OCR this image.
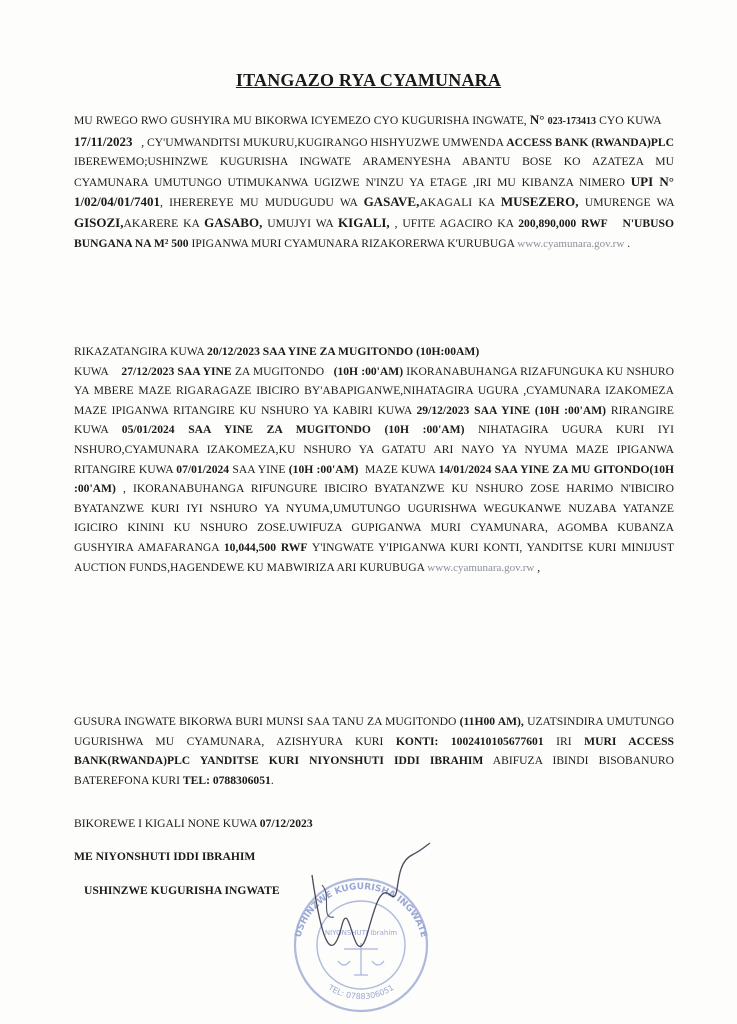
ITANGAZO RYA CYAMUNARA
MU RWEGO RWO GUSHYIRA MU BIKORWA ICYEMEZO CYO KUGURISHA INGWATE, N° 023-173413 CYO KUWA     17/11/2023 , CY'UMWANDITSI MUKURU,KUGIRANGO HISHYUZWE UMWENDA ACCESS BANK (RWANDA)PLC IBEREWEMO;USHINZWE KUGURISHA INGWATE ARAMENYESHA ABANTU BOSE KO AZATEZA MU CYAMUNARA UMUTUNGO UTIMUKANWA UGIZWE N'INZU YA ETAGE ,IRI MU KIBANZA NIMERO UPI N° 1/02/04/01/7401, IHEREREYE MU MUDUGUDU WA GASAVE,AKAGALI KA MUSEZERO, UMURENGE WA GISOZI,AKARERE KA GASABO, UMUJYI WA KIGALI, , UFITE AGACIRO KA 200,890,000 RWF N'UBUSO BUNGANA NA M² 500 IPIGANWA MURI CYAMUNARA RIZAKORERWA K'URUBUGA www.cyamunara.gov.rw .
RIKAZATANGIRA KUWA 20/12/2023 SAA YINE ZA MUGITONDO (10H:00AM)
KUWA 27/12/2023 SAA YINE ZA MUGITONDO (10H :00'AM) IKORANABUHANGA RIZAFUNGUKA KU NSHURO YA MBERE MAZE RIGARAGAZE IBICIRO BY'ABAPIGANWE,NIHATAGIRA UGURA ,CYAMUNARA IZAKOMEZA MAZE IPIGANWA RITANGIRE KU NSHURO YA KABIRI KUWA 29/12/2023 SAA YINE (10H :00'AM) RIRANGIRE KUWA 05/01/2024 SAA YINE ZA MUGITONDO (10H :00'AM) NIHATAGIRA UGURA KURI IYI NSHURO,CYAMUNARA IZAKOMEZA,KU NSHURO YA GATATU ARI NAYO YA NYUMA MAZE IPIGANWA RITANGIRE KUWA 07/01/2024 SAA YINE (10H :00'AM) MAZE KUWA 14/01/2024 SAA YINE ZA MU GITONDO(10H :00'AM) , IKORANABUHANGA RIFUNGURE IBICIRO BYATANZWE KU NSHURO ZOSE HARIMO N'IBICIRO BYATANZWE KURI IYI NSHURO YA NYUMA,UMUTUNGO UGURISHWA WEGUKANWE NUZABA YATANZE IGICIRO KININI KU NSHURO ZOSE.UWIFUZA GUPIGANWA MURI CYAMUNARA, AGOMBA KUBANZA GUSHYIRA AMAFARANGA 10,044,500 RWF Y'INGWATE Y'IPIGANWA KURI KONTI, YANDITSE KURI MINIJUST AUCTION FUNDS,HAGENDEWE KU MABWIRIZA ARI KURUBUGA www.cyamunara.gov.rw ,
GUSURA INGWATE BIKORWA BURI MUNSI SAA TANU ZA MUGITONDO (11H00 AM), UZATSINDIRA UMUTUNGO UGURISHWA MU CYAMUNARA, AZISHYURA KURI KONTI: 1002410105677601 IRI MURI ACCESS BANK(RWANDA)PLC YANDITSE KURI NIYONSHUTI IDDI IBRAHIM ABIFUZA IBINDI BISOBANURO BATEREFONA KURI TEL: 0788306051.
BIKOREWE I KIGALI NONE KUWA 07/12/2023
ME NIYONSHUTI IDDI IBRAHIM
USHINZWE KUGURISHA INGWATE
USHINZWE KUGURISHA INGWATE
TEL: 0788306051
NIYONSHUTI Ibrahim
